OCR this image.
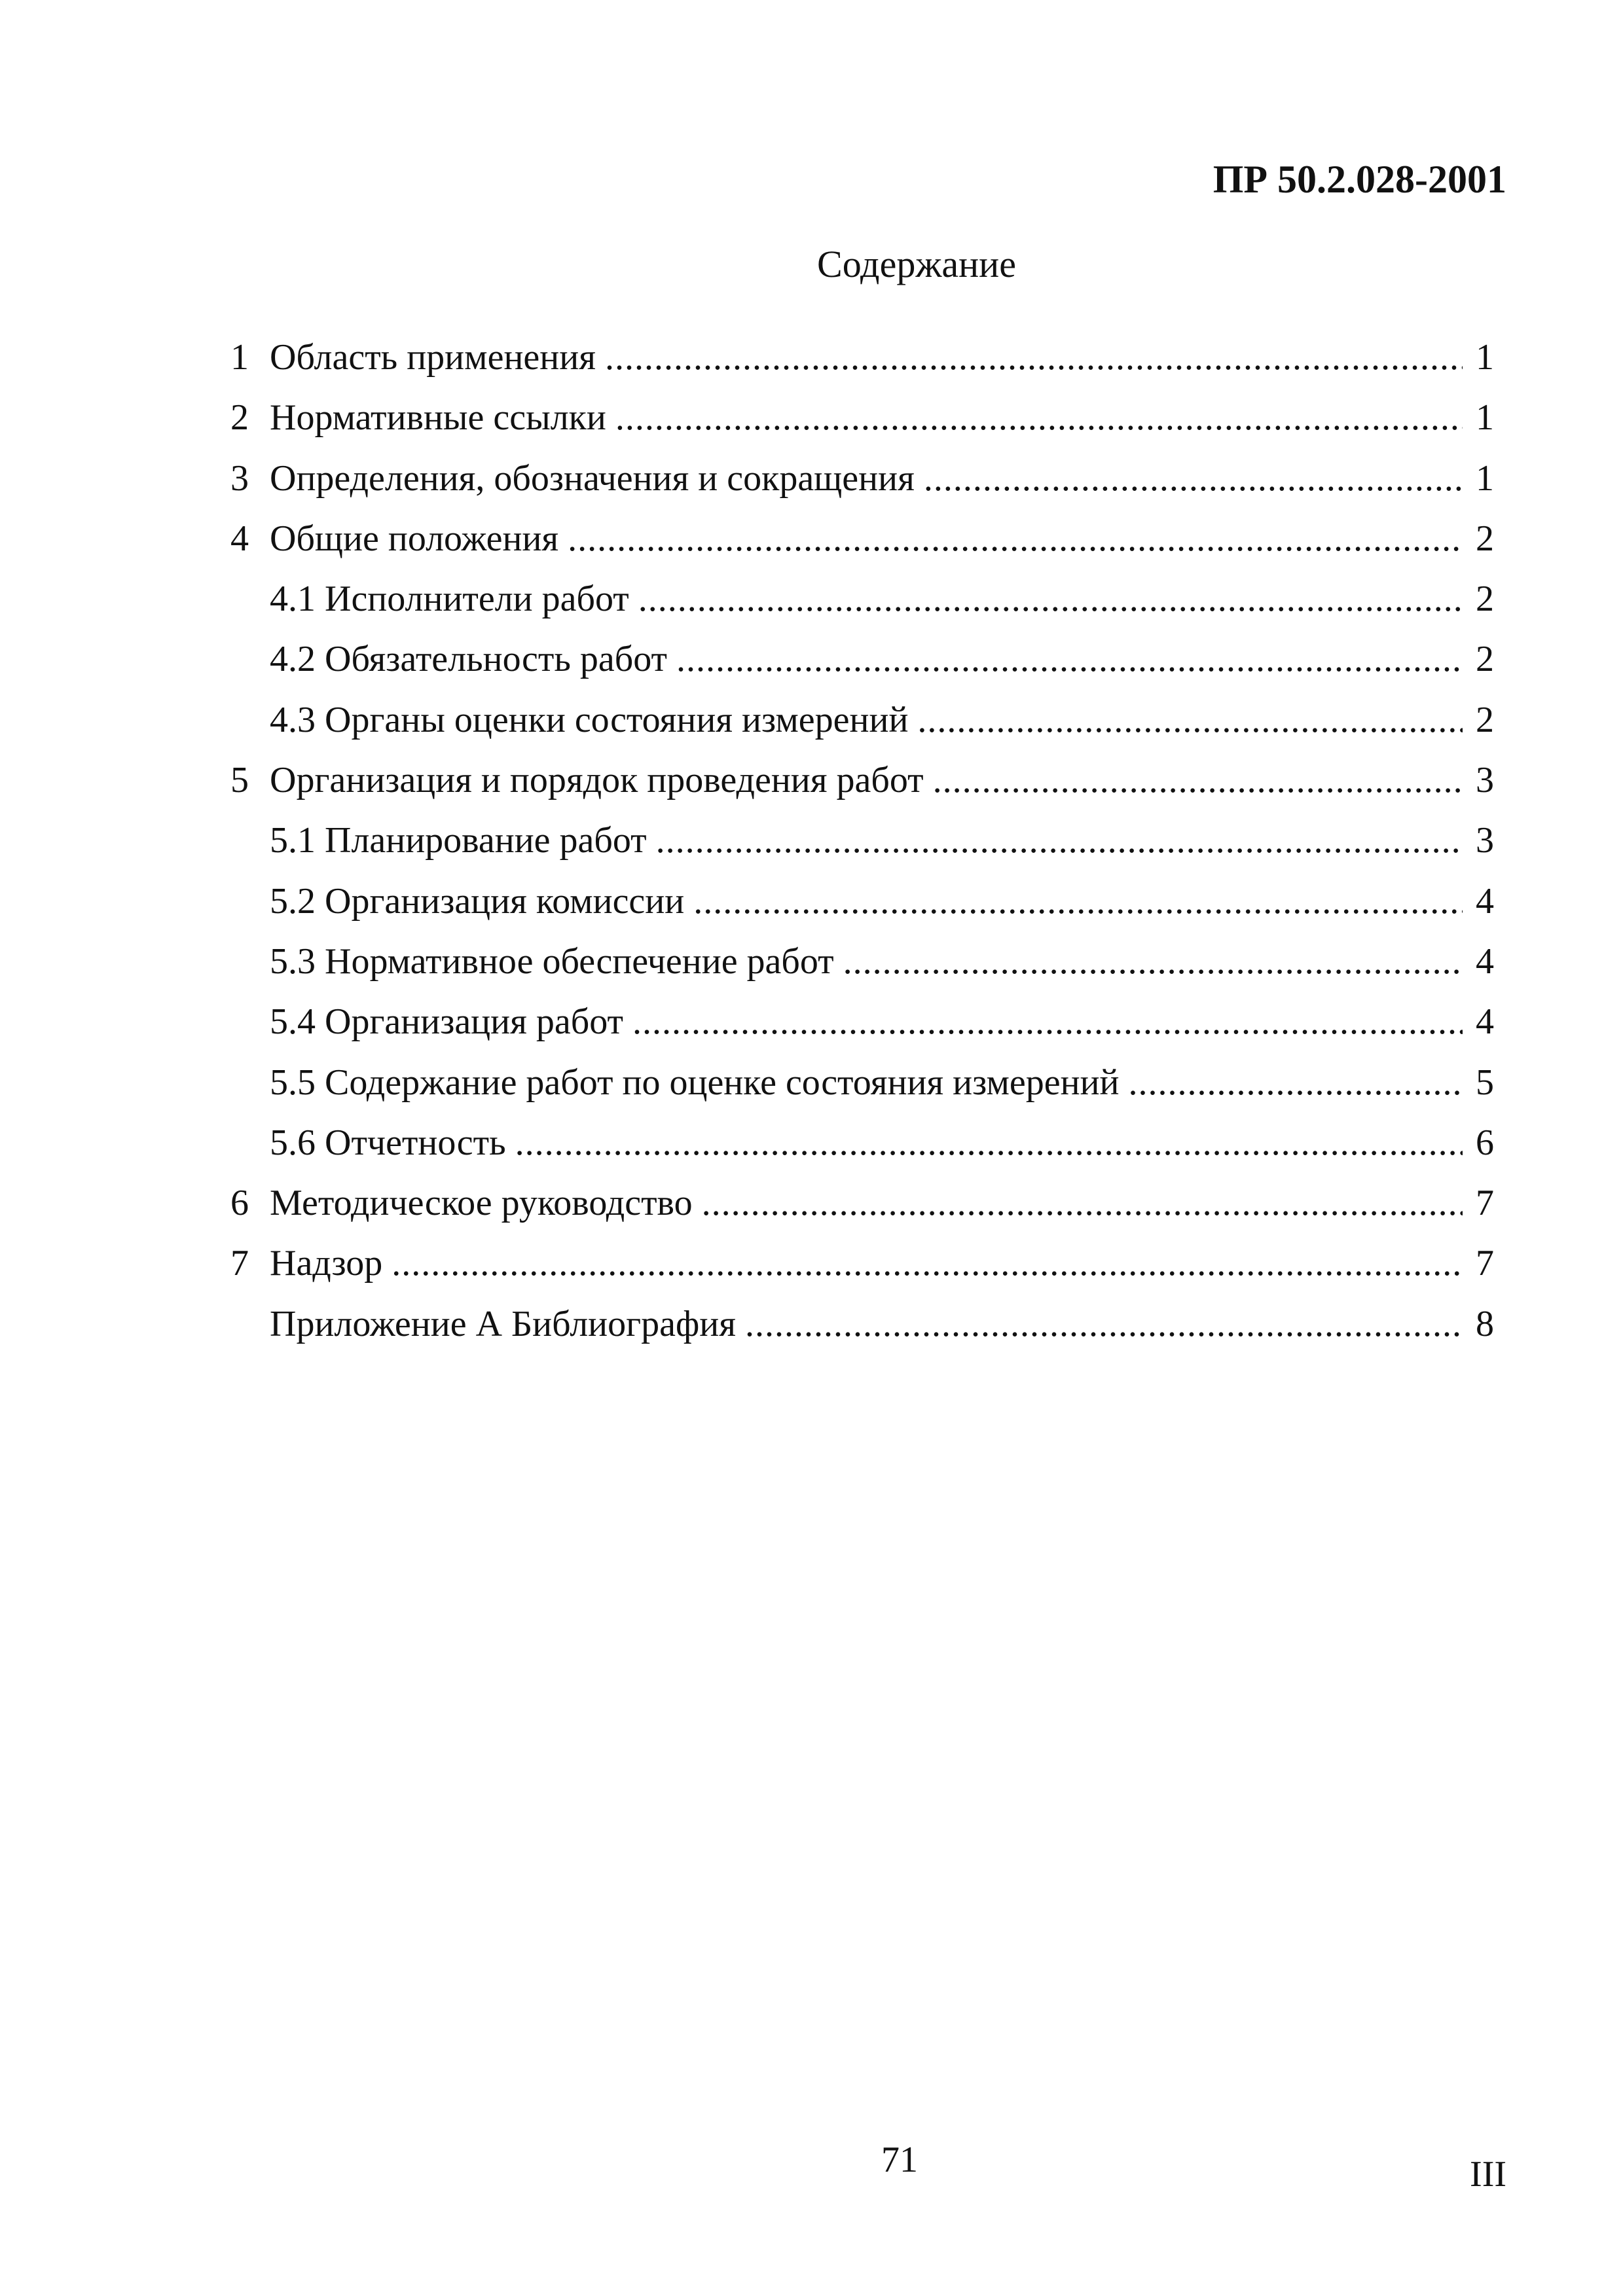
ПР 50.2.028-2001
Содержание
1 Область применения .....	1
2 Нормативные ссылки .....	1
3 Определения, обозначения и сокращения .....	1
4 Общие положения .....	2
4.1 Исполнители работ .....	2
4.2 Обязательность работ .....	2
4.3 Органы оценки состояния измерений .....	2
5 Организация и порядок проведения работ .....	3
5.1 Планирование работ .....	3
5.2 Организация комиссии .....	4
5.3 Нормативное обеспечение работ .....	4
5.4 Организация работ .....	4
5.5 Содержание работ по оценке состояния измерений .....	5
5.6 Отчетность .....	6
6 Методическое руководство .....	7
7 Надзор .....	7
Приложение А Библиография .....	8
71	III
